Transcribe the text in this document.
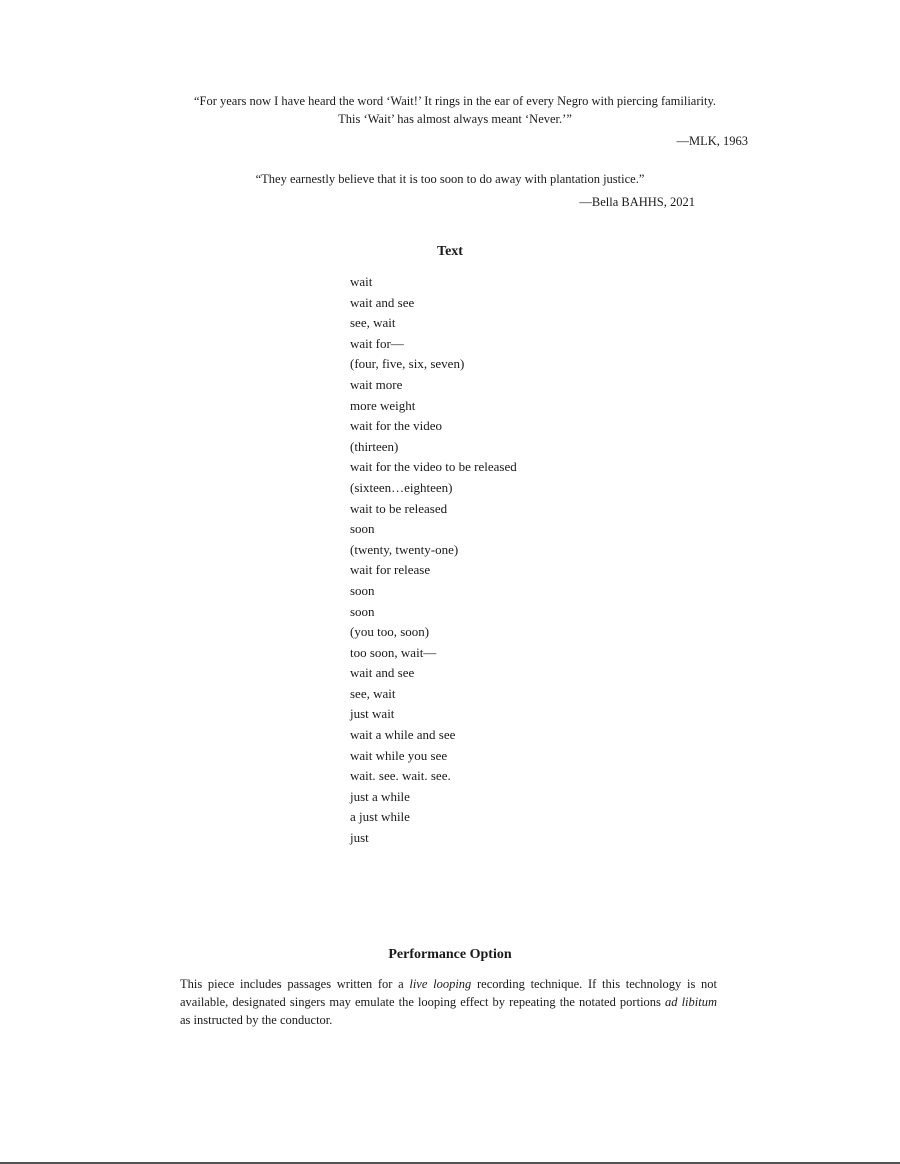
“For years now I have heard the word ‘Wait!’ It rings in the ear of every Negro with piercing familiarity.
This ‘Wait’ has almost always meant ‘Never.’”
—MLK, 1963
“They earnestly believe that it is too soon to do away with plantation justice.”
—Bella BAHHS, 2021
Text
wait
wait and see
see, wait
wait for—
(four, five, six, seven)
wait more
more weight
wait for the video
(thirteen)
wait for the video to be released
(sixteen…eighteen)
wait to be released
soon
(twenty, twenty-one)
wait for release
soon
soon
(you too, soon)
too soon, wait—
wait and see
see, wait
just wait
wait a while and see
wait while you see
wait. see. wait. see.
just a while
a just while
just
Performance Option
This piece includes passages written for a live looping recording technique. If this technology is not available, designated singers may emulate the looping effect by repeating the notated portions ad libitum as instructed by the conductor.
